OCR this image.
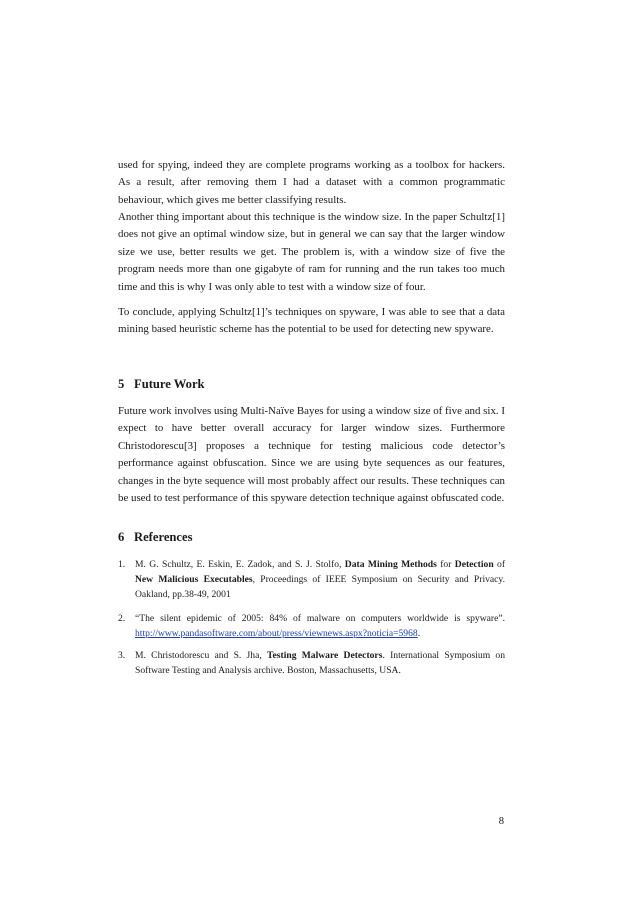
used for spying, indeed they are complete programs working as a toolbox for hackers. As a result, after removing them I had a dataset with a common programmatic behaviour, which gives me better classifying results.

Another thing important about this technique is the window size. In the paper Schultz[1] does not give an optimal window size, but in general we can say that the larger window size we use, better results we get. The problem is, with a window size of five the program needs more than one gigabyte of ram for running and the run takes too much time and this is why I was only able to test with a window size of four.

To conclude, applying Schultz[1]’s techniques on spyware, I was able to see that a data mining based heuristic scheme has the potential to be used for detecting new spyware.

5 Future Work

Future work involves using Multi-Naïve Bayes for using a window size of five and six. I expect to have better overall accuracy for larger window sizes. Furthermore Christodorescu[3] proposes a technique for testing malicious code detector’s performance against obfuscation. Since we are using byte sequences as our features, changes in the byte sequence will most probably affect our results. These techniques can be used to test performance of this spyware detection technique against obfuscated code.

6 References

1. M. G. Schultz, E. Eskin, E. Zadok, and S. J. Stolfo, Data Mining Methods for Detection of New Malicious Executables, Proceedings of IEEE Symposium on Security and Privacy. Oakland, pp.38-49, 2001

2. “The silent epidemic of 2005: 84% of malware on computers worldwide is spyware”. http://www.pandasoftware.com/about/press/viewnews.aspx?noticia=5968.

3. M. Christodorescu and S. Jha, Testing Malware Detectors. International Symposium on Software Testing and Analysis archive. Boston, Massachusetts, USA.

8
